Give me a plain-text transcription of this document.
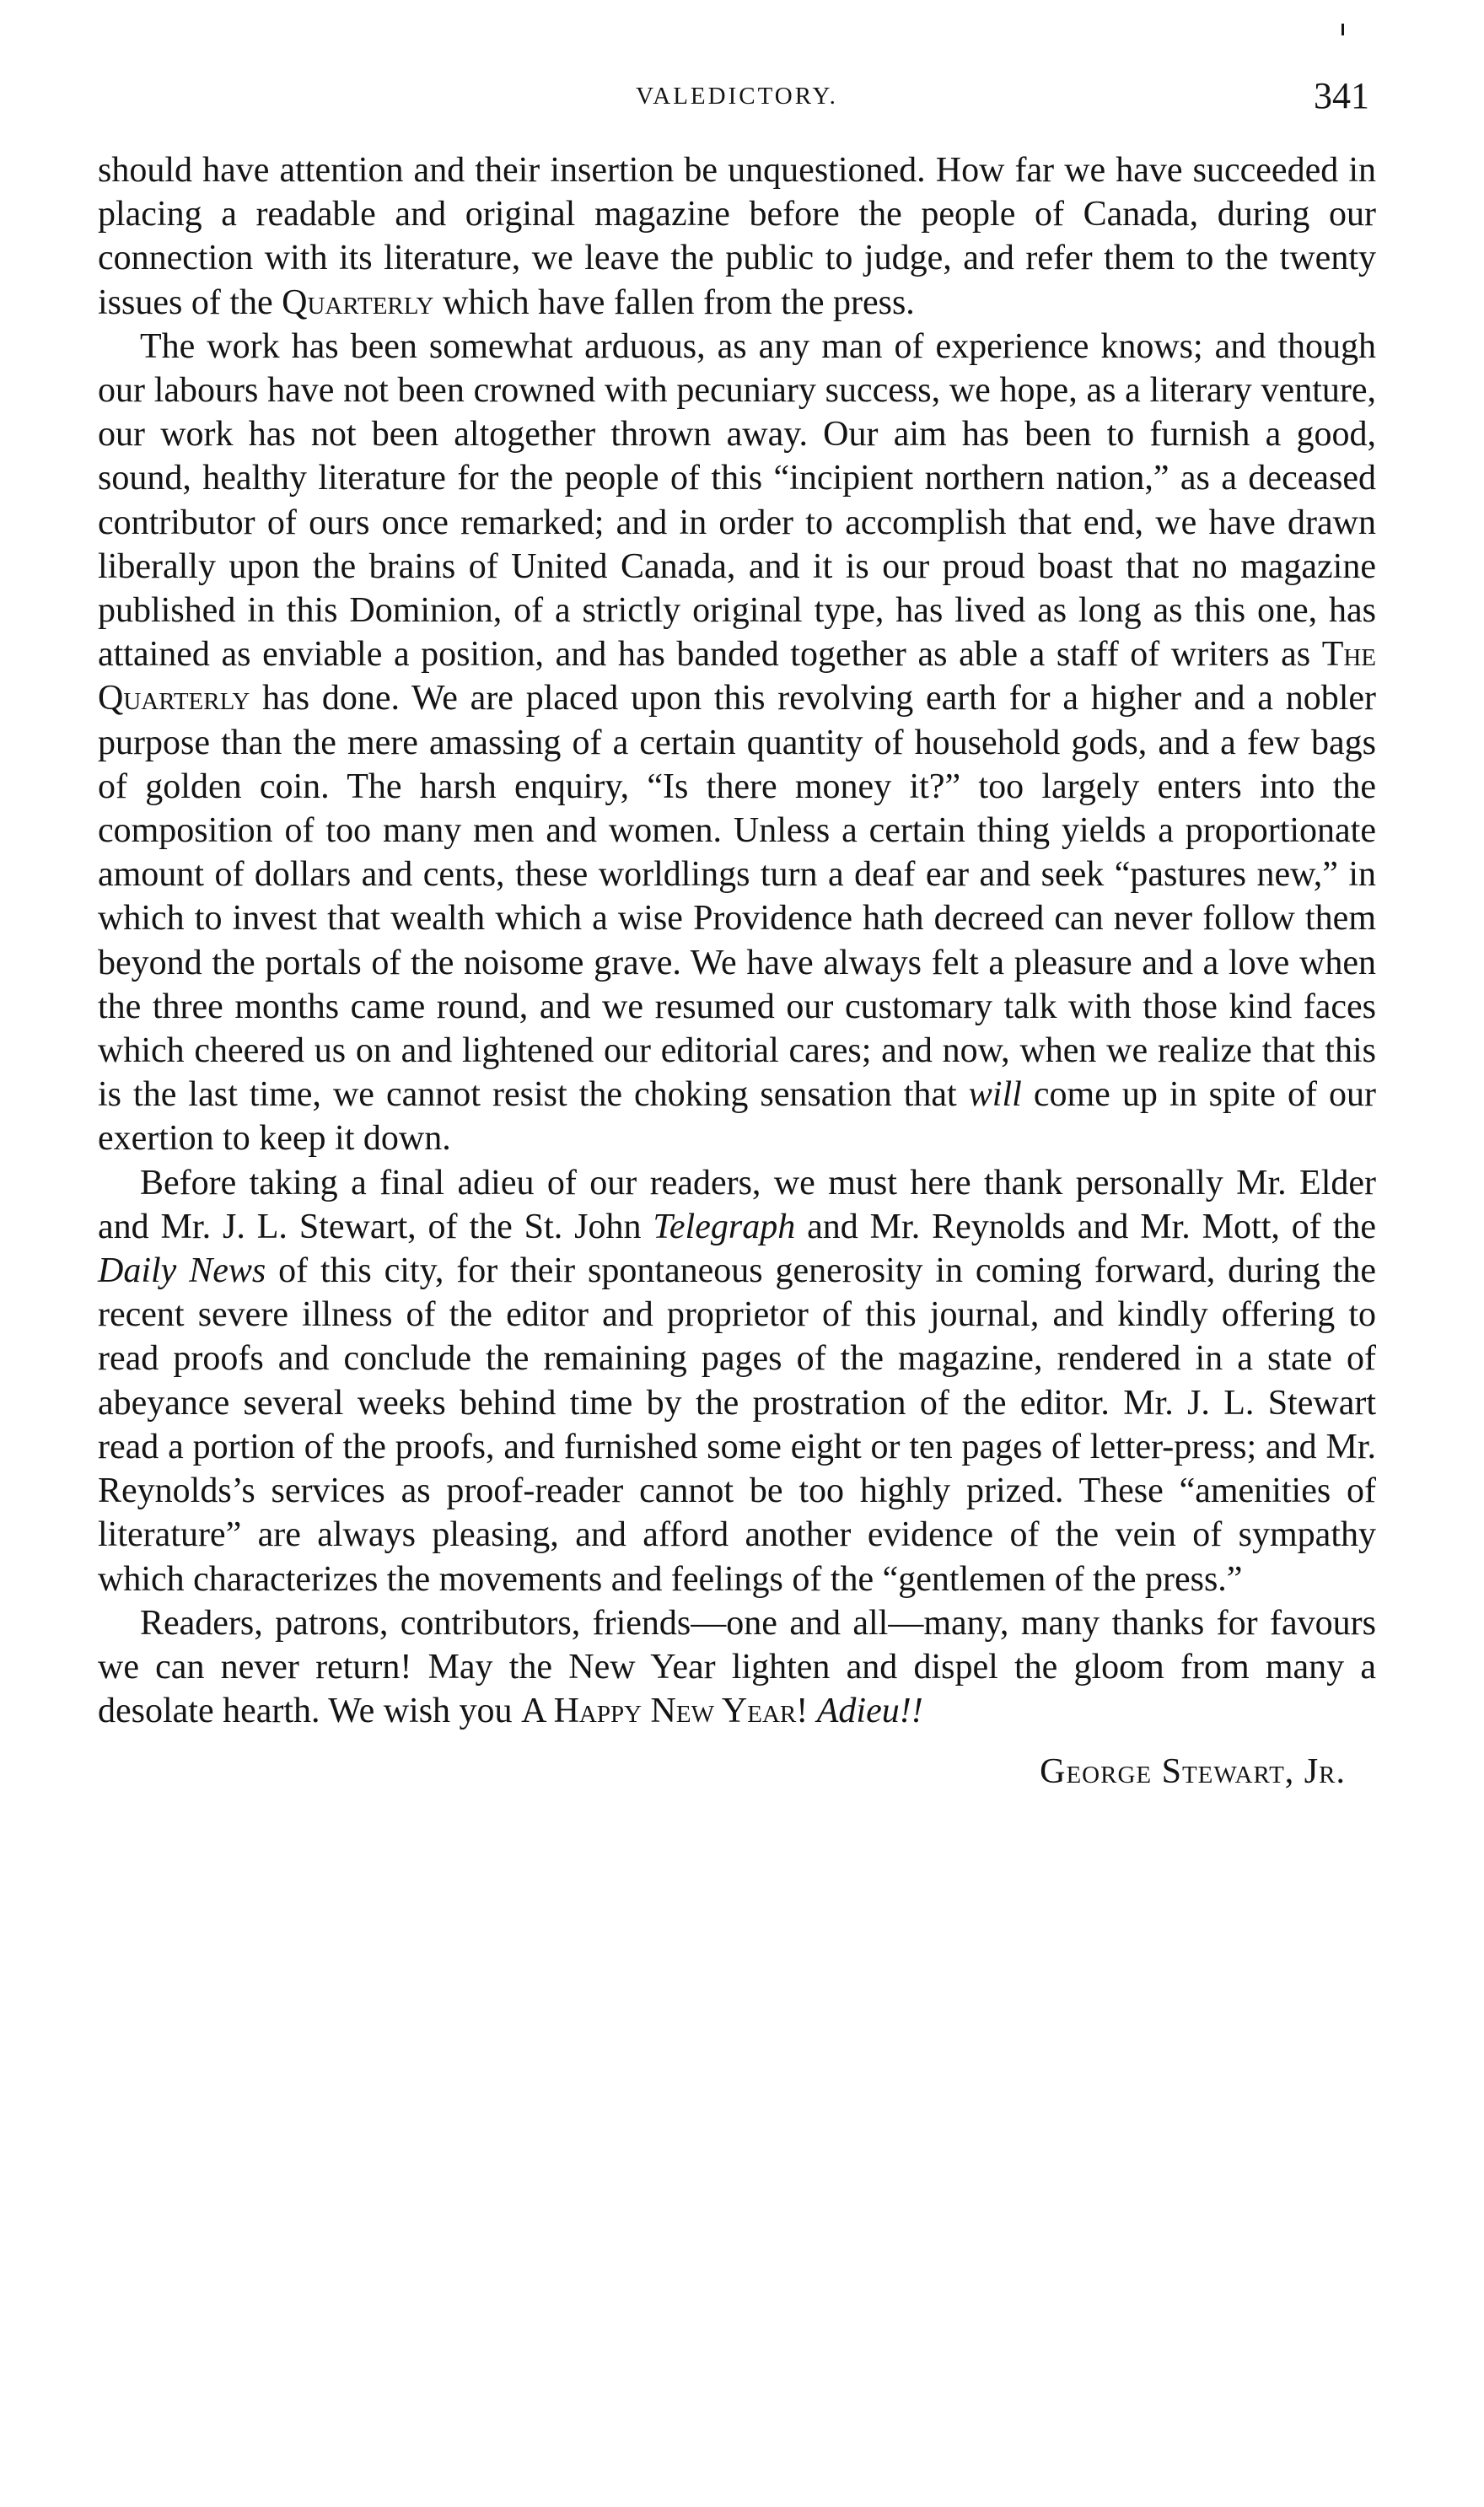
VALEDICTORY.	341

should have attention and their insertion be unquestioned. How far we have succeeded in placing a readable and original magazine before the people of Canada, during our connection with its literature, we leave the public to judge, and refer them to the twenty issues of the Quarterly which have fallen from the press.

The work has been somewhat arduous, as any man of experience knows; and though our labours have not been crowned with pecuniary success, we hope, as a literary venture, our work has not been altogether thrown away. Our aim has been to furnish a good, sound, healthy literature for the people of this “incipient northern nation,” as a deceased contributor of ours once remarked; and in order to accomplish that end, we have drawn liberally upon the brains of United Canada, and it is our proud boast that no magazine published in this Dominion, of a strictly original type, has lived as long as this one, has attained as enviable a position, and has banded together as able a staff of writers as The Quarterly has done. We are placed upon this revolving earth for a higher and a nobler purpose than the mere amassing of a certain quantity of household gods, and a few bags of golden coin. The harsh enquiry, “Is there money it?” too largely enters into the composition of too many men and women. Unless a certain thing yields a proportionate amount of dollars and cents, these worldlings turn a deaf ear and seek “pastures new,” in which to invest that wealth which a wise Providence hath decreed can never follow them beyond the portals of the noisome grave. We have always felt a pleasure and a love when the three months came round, and we resumed our customary talk with those kind faces which cheered us on and lightened our editorial cares; and now, when we realize that this is the last time, we cannot resist the choking sensation that will come up in spite of our exertion to keep it down.

Before taking a final adieu of our readers, we must here thank personally Mr. Elder and Mr. J. L. Stewart, of the St. John Telegraph and Mr. Reynolds and Mr. Mott, of the Daily News of this city, for their spontaneous generosity in coming forward, during the recent severe illness of the editor and proprietor of this journal, and kindly offering to read proofs and conclude the remaining pages of the magazine, rendered in a state of abeyance several weeks behind time by the prostration of the editor. Mr. J. L. Stewart read a portion of the proofs, and furnished some eight or ten pages of letter-press; and Mr. Reynolds’s services as proof-reader cannot be too highly prized. These “amenities of literature” are always pleasing, and afford another evidence of the vein of sympathy which characterizes the movements and feelings of the “gentlemen of the press.”

Readers, patrons, contributors, friends—one and all—many, many thanks for favours we can never return! May the New Year lighten and dispel the gloom from many a desolate hearth. We wish you A Happy New Year! Adieu!!

George Stewart, Jr.
